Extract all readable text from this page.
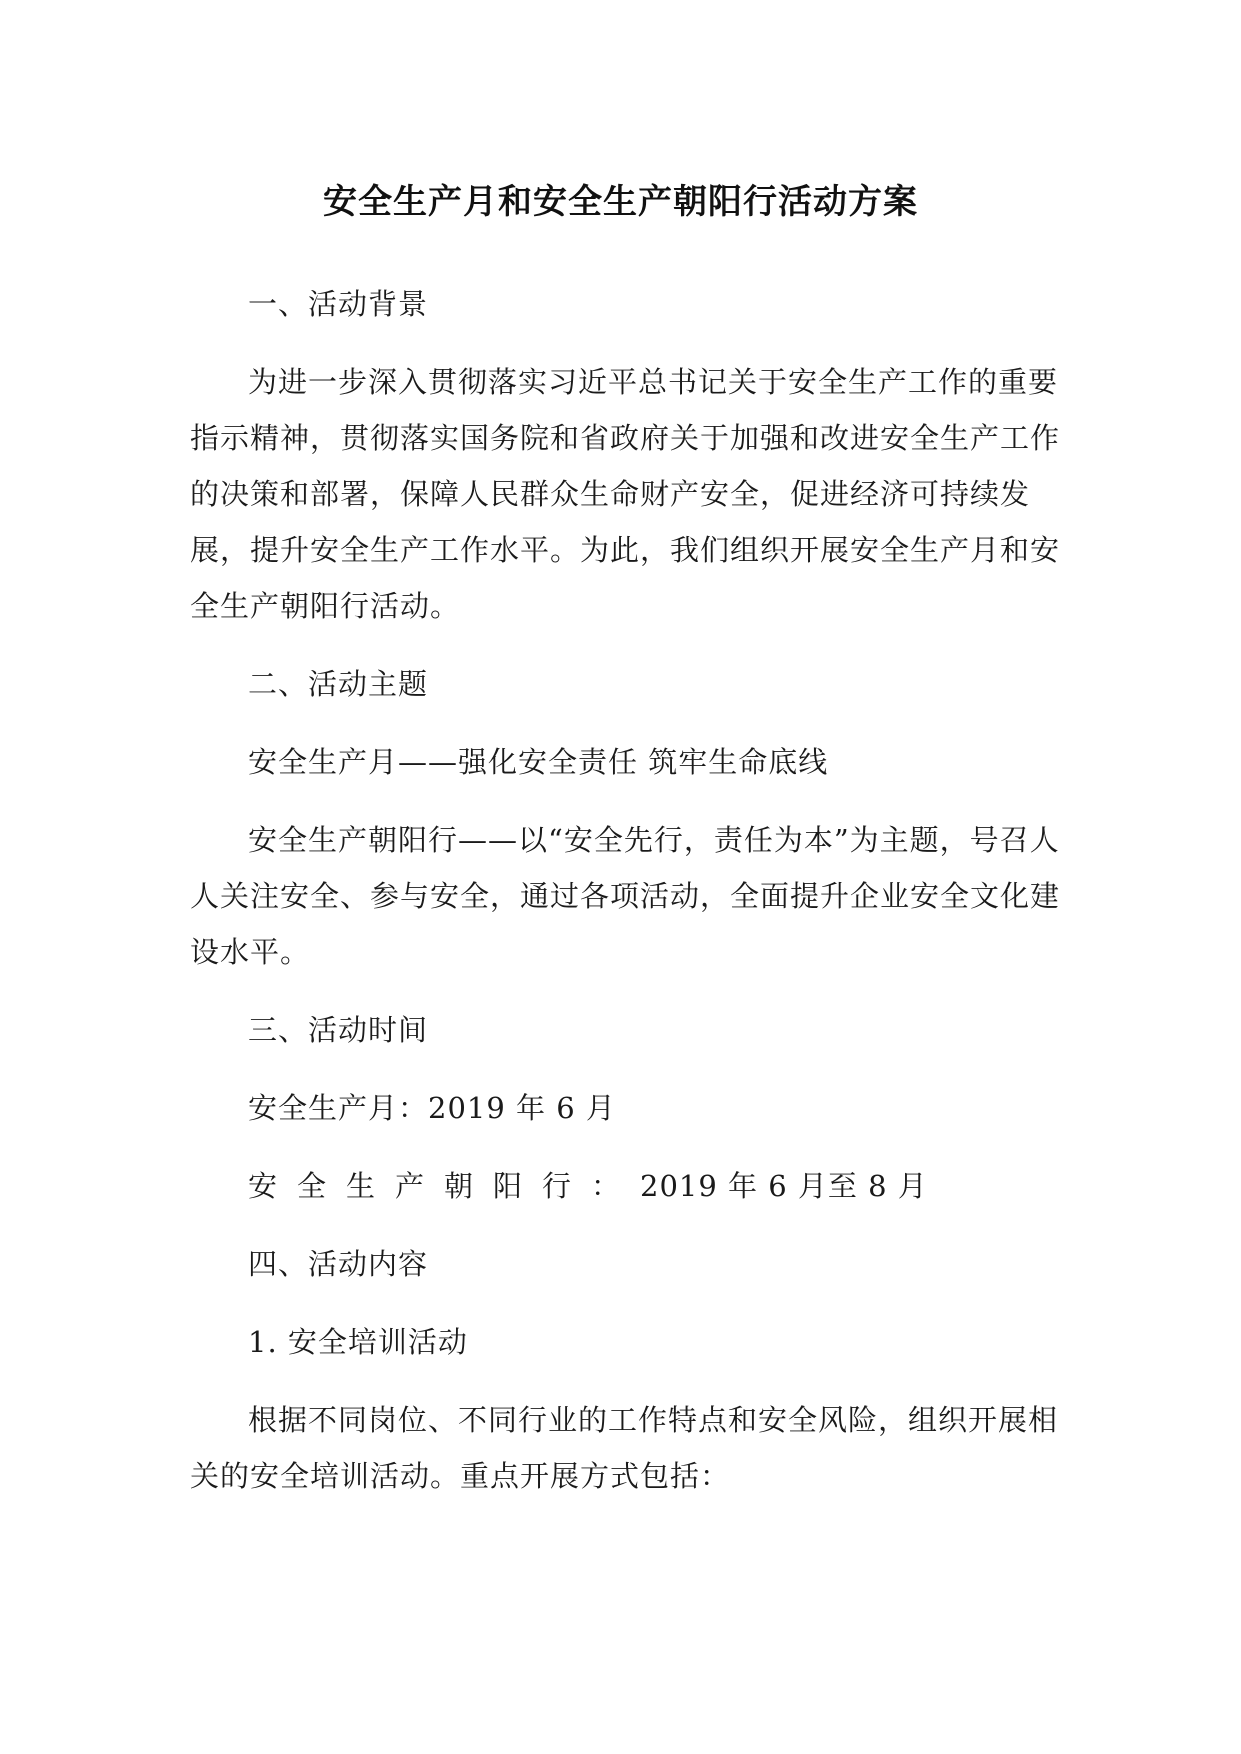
安全生产月和安全生产朝阳行活动方案

一、活动背景

为进一步深入贯彻落实习近平总书记关于安全生产工作的重要指示精神，贯彻落实国务院和省政府关于加强和改进安全生产工作的决策和部署，保障人民群众生命财产安全，促进经济可持续发展，提升安全生产工作水平。为此，我们组织开展安全生产月和安全生产朝阳行活动。

二、活动主题

安全生产月——强化安全责任 筑牢生命底线

安全生产朝阳行——以“安全先行，责任为本”为主题，号召人人关注安全、参与安全，通过各项活动，全面提升企业安全文化建设水平。

三、活动时间

安全生产月：2019 年 6 月

安全生产朝阳行：2019 年 6 月至 8 月

四、活动内容

1. 安全培训活动

根据不同岗位、不同行业的工作特点和安全风险，组织开展相关的安全培训活动。重点开展方式包括：
